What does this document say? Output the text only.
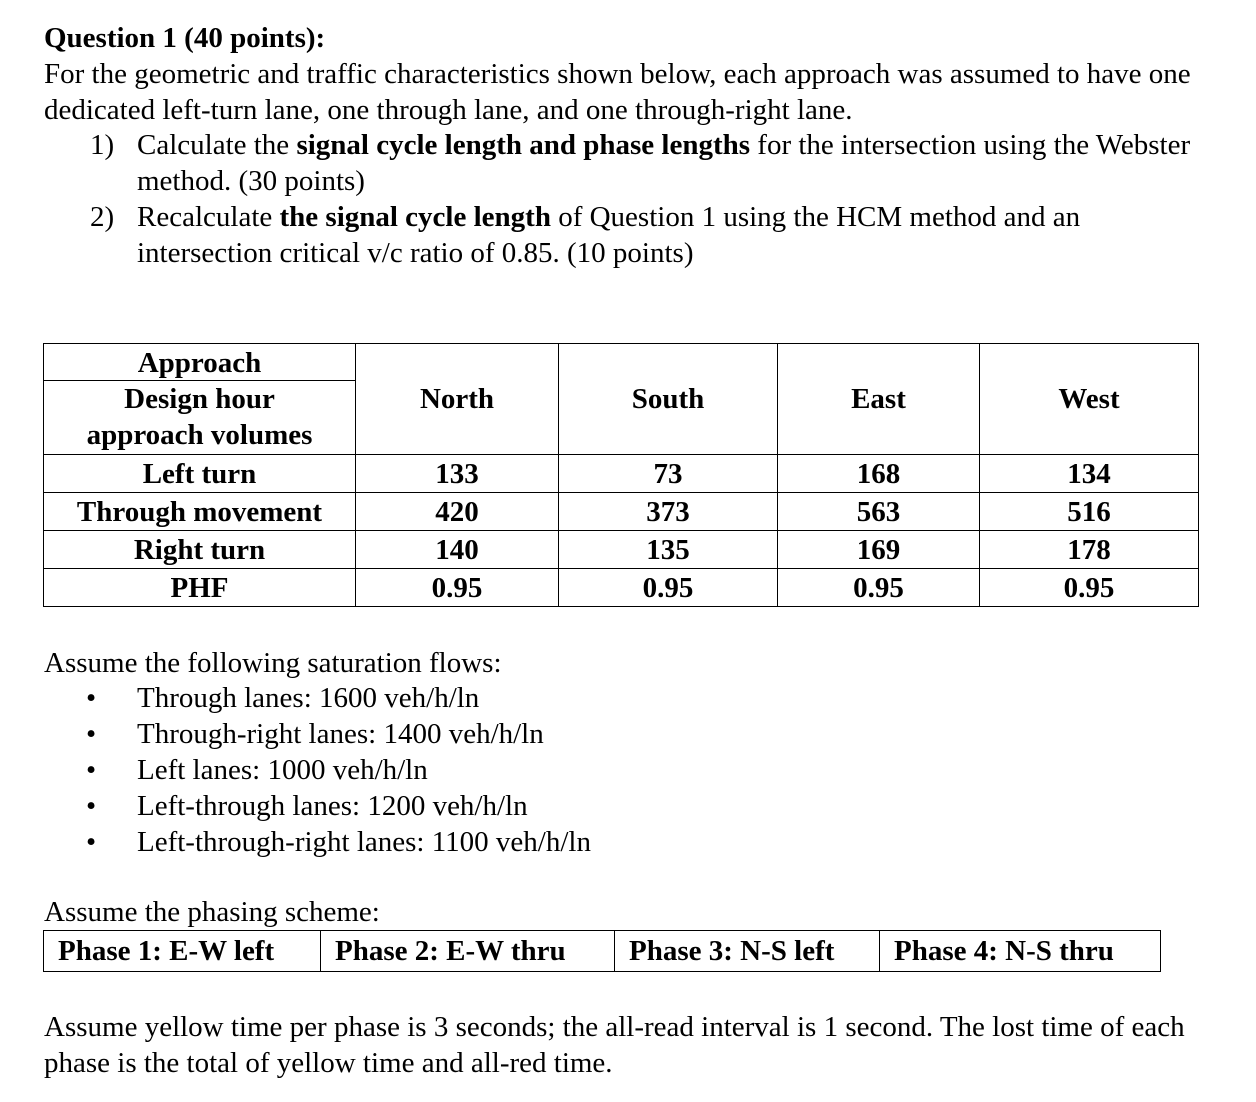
Question 1 (40 points):
For the geometric and traffic characteristics shown below, each approach was assumed to have one dedicated left-turn lane, one through lane, and one through-right lane.
1) Calculate the signal cycle length and phase lengths for the intersection using the Webster method. (30 points)
2) Recalculate the signal cycle length of Question 1 using the HCM method and an intersection critical v/c ratio of 0.85. (10 points)
Approach
Design hour
approach volumes	North	South	East	West
Left turn	133	73	168	134
Through movement	420	373	563	516
Right turn	140	135	169	178
PHF	0.95	0.95	0.95	0.95
Assume the following saturation flows:
• Through lanes: 1600 veh/h/ln
• Through-right lanes: 1400 veh/h/ln
• Left lanes: 1000 veh/h/ln
• Left-through lanes: 1200 veh/h/ln
• Left-through-right lanes: 1100 veh/h/ln
Assume the phasing scheme:
Phase 1: E-W left	Phase 2: E-W thru	Phase 3: N-S left	Phase 4: N-S thru
Assume yellow time per phase is 3 seconds; the all-read interval is 1 second. The lost time of each phase is the total of yellow time and all-red time.
